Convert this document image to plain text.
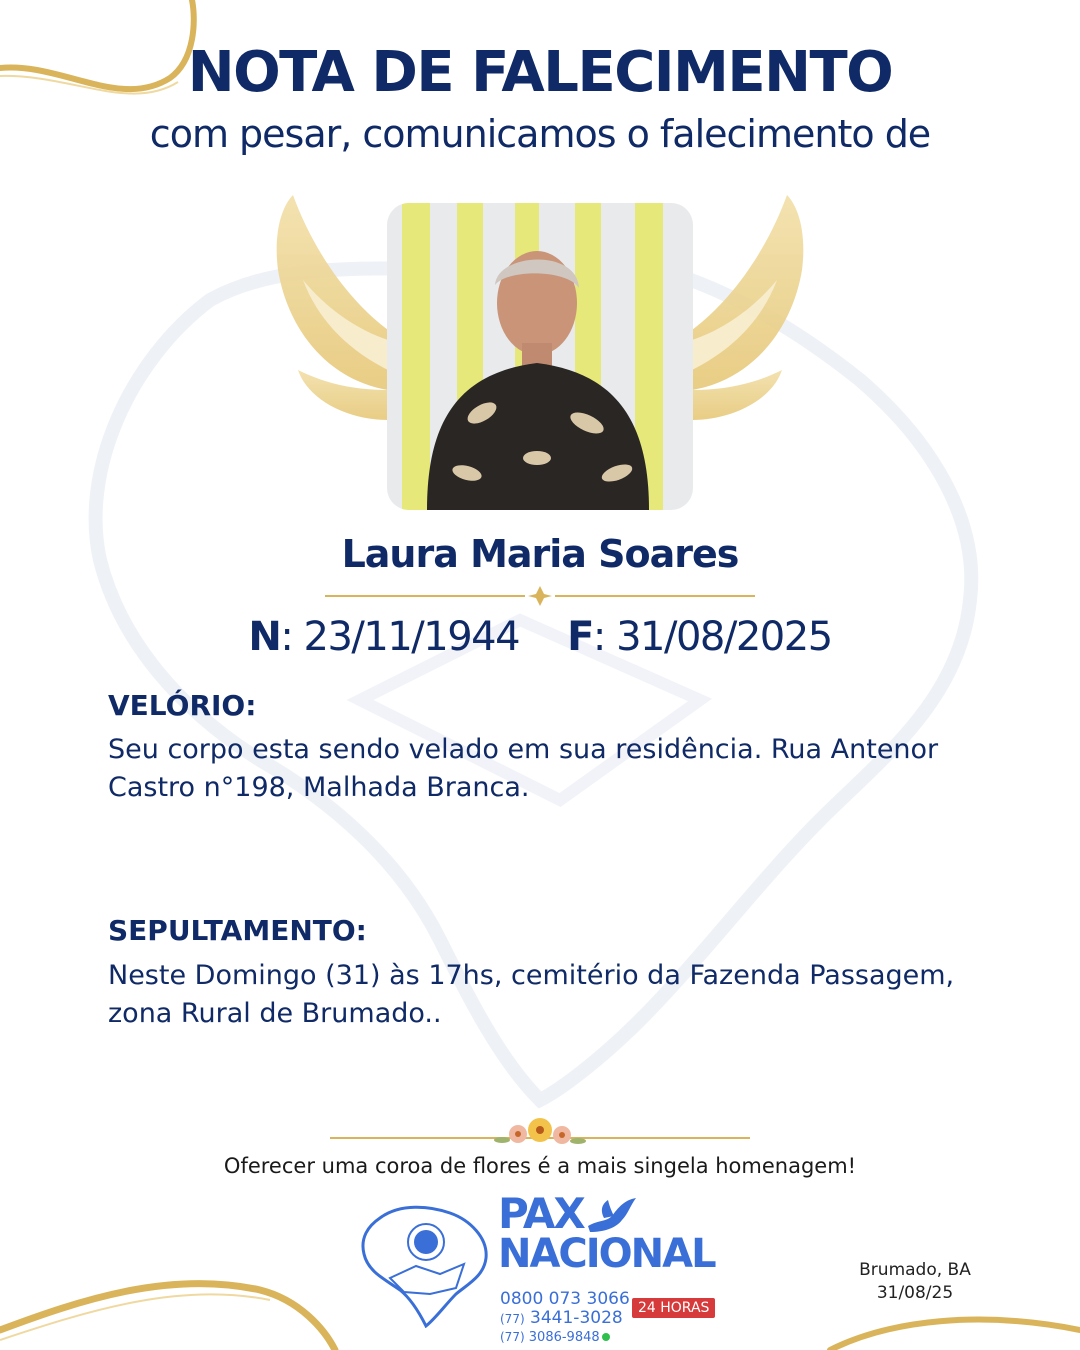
NOTA DE FALECIMENTO
com pesar, comunicamos o falecimento de
Laura Maria Soares
N: 23/11/1944 F: 31/08/2025
VELÓRIO:
Seu corpo esta sendo velado em sua residência. Rua Antenor Castro n°198, Malhada Branca.
SEPULTAMENTO:
Neste Domingo (31) às 17hs, cemitério da Fazenda Passagem, zona Rural de Brumado..
Oferecer uma coroa de flores é a mais singela homenagem!
PAX
NACIONAL
0800 073 3066
(77) 3441-3028
(77) 3086-9848
24 HORAS
Brumado, BA
31/08/25
